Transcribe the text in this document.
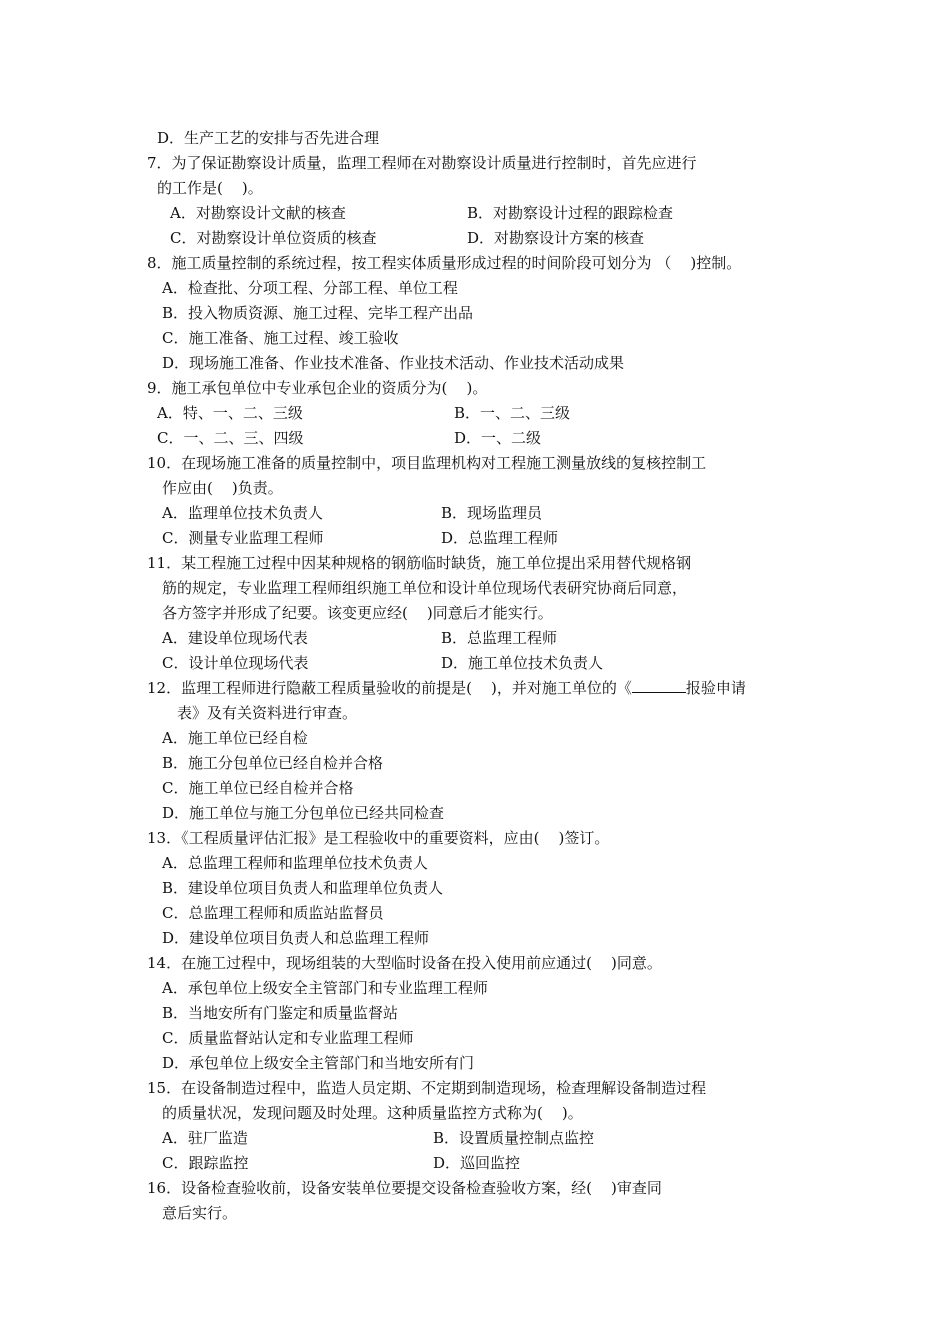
D．生产工艺的安排与否先进合理
7．为了保证勘察设计质量，监理工程师在对勘察设计质量进行控制时，首先应进行
的工作是(    )。
A．对勘察设计文献的核查	B．对勘察设计过程的跟踪检查
C．对勘察设计单位资质的核查	D．对勘察设计方案的核查
8．施工质量控制的系统过程，按工程实体质量形成过程的时间阶段可划分为 （    )控制。
A．检查批、分项工程、分部工程、单位工程
B．投入物质资源、施工过程、完毕工程产出品
C．施工准备、施工过程、竣工验收
D．现场施工准备、作业技术准备、作业技术活动、作业技术活动成果
9．施工承包单位中专业承包企业的资质分为(    )。
A．特、一、二、三级	B．一、二、三级
C．一、二、三、四级	D．一、二级
10．在现场施工准备的质量控制中，项目监理机构对工程施工测量放线的复核控制工
作应由(    )负责。
A．监理单位技术负责人	B．现场监理员
C．测量专业监理工程师	D．总监理工程师
11．某工程施工过程中因某种规格的钢筋临时缺货，施工单位提出采用替代规格钢
筋的规定，专业监理工程师组织施工单位和设计单位现场代表研究协商后同意，
各方签字并形成了纪要。该变更应经(    )同意后才能实行。
A．建设单位现场代表	B．总监理工程师
C．设计单位现场代表	D．施工单位技术负责人
12．监理工程师进行隐蔽工程质量验收的前提是(    )，并对施工单位的《	报验申请
表》及有关资料进行审查。
A．施工单位已经自检
B．施工分包单位已经自检并合格
C．施工单位已经自检并合格
D．施工单位与施工分包单位已经共同检查
13．《工程质量评估汇报》是工程验收中的重要资料，应由(    )签订。
A．总监理工程师和监理单位技术负责人
B．建设单位项目负责人和监理单位负责人
C．总监理工程师和质监站监督员
D．建设单位项目负责人和总监理工程师
14．在施工过程中，现场组装的大型临时设备在投入使用前应通过(    )同意。
A．承包单位上级安全主管部门和专业监理工程师
B．当地安所有门鉴定和质量监督站
C．质量监督站认定和专业监理工程师
D．承包单位上级安全主管部门和当地安所有门
15．在设备制造过程中，监造人员定期、不定期到制造现场，检查理解设备制造过程
的质量状况，发现问题及时处理。这种质量监控方式称为(    )。
A．驻厂监造	B．设置质量控制点监控
C．跟踪监控	D．巡回监控
16．设备检查验收前，设备安装单位要提交设备检查验收方案，经(    )审查同
意后实行。
